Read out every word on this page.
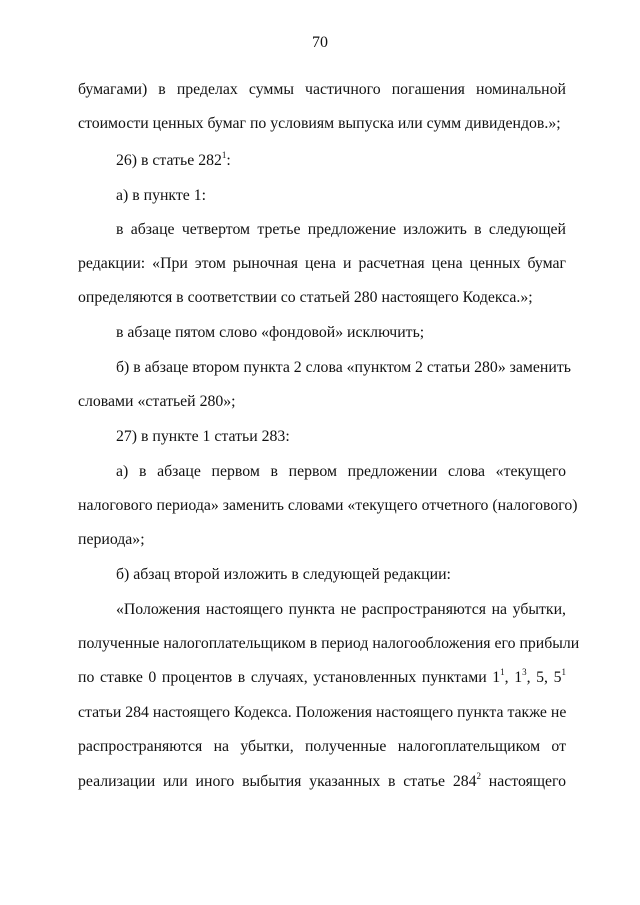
70
бумагами) в пределах суммы частичного погашения номинальной
стоимости ценных бумаг по условиям выпуска или сумм дивидендов.»;
26) в статье $282^1$:
а) в пункте 1:
в абзаце четвертом третье предложение изложить в следующей
редакции: «При этом рыночная цена и расчетная цена ценных бумаг
определяются в соответствии со статьей 280 настоящего Кодекса.»;
в абзаце пятом слово «фондовой» исключить;
б) в абзаце втором пункта 2 слова «пунктом 2 статьи 280» заменить
словами «статьей 280»;
27) в пункте 1 статьи 283:
а) в абзаце первом в первом предложении слова «текущего
налогового периода» заменить словами «текущего отчетного (налогового)
периода»;
б) абзац второй изложить в следующей редакции:
«Положения настоящего пункта не распространяются на убытки,
полученные налогоплательщиком в период налогообложения его прибыли
по ставке 0 процентов в случаях, установленных пунктами $1^1$, $1^3$, 5, $5^1$
статьи 284 настоящего Кодекса. Положения настоящего пункта также не
распространяются на убытки, полученные налогоплательщиком от
реализации или иного выбытия указанных в статье $284^2$ настоящего
